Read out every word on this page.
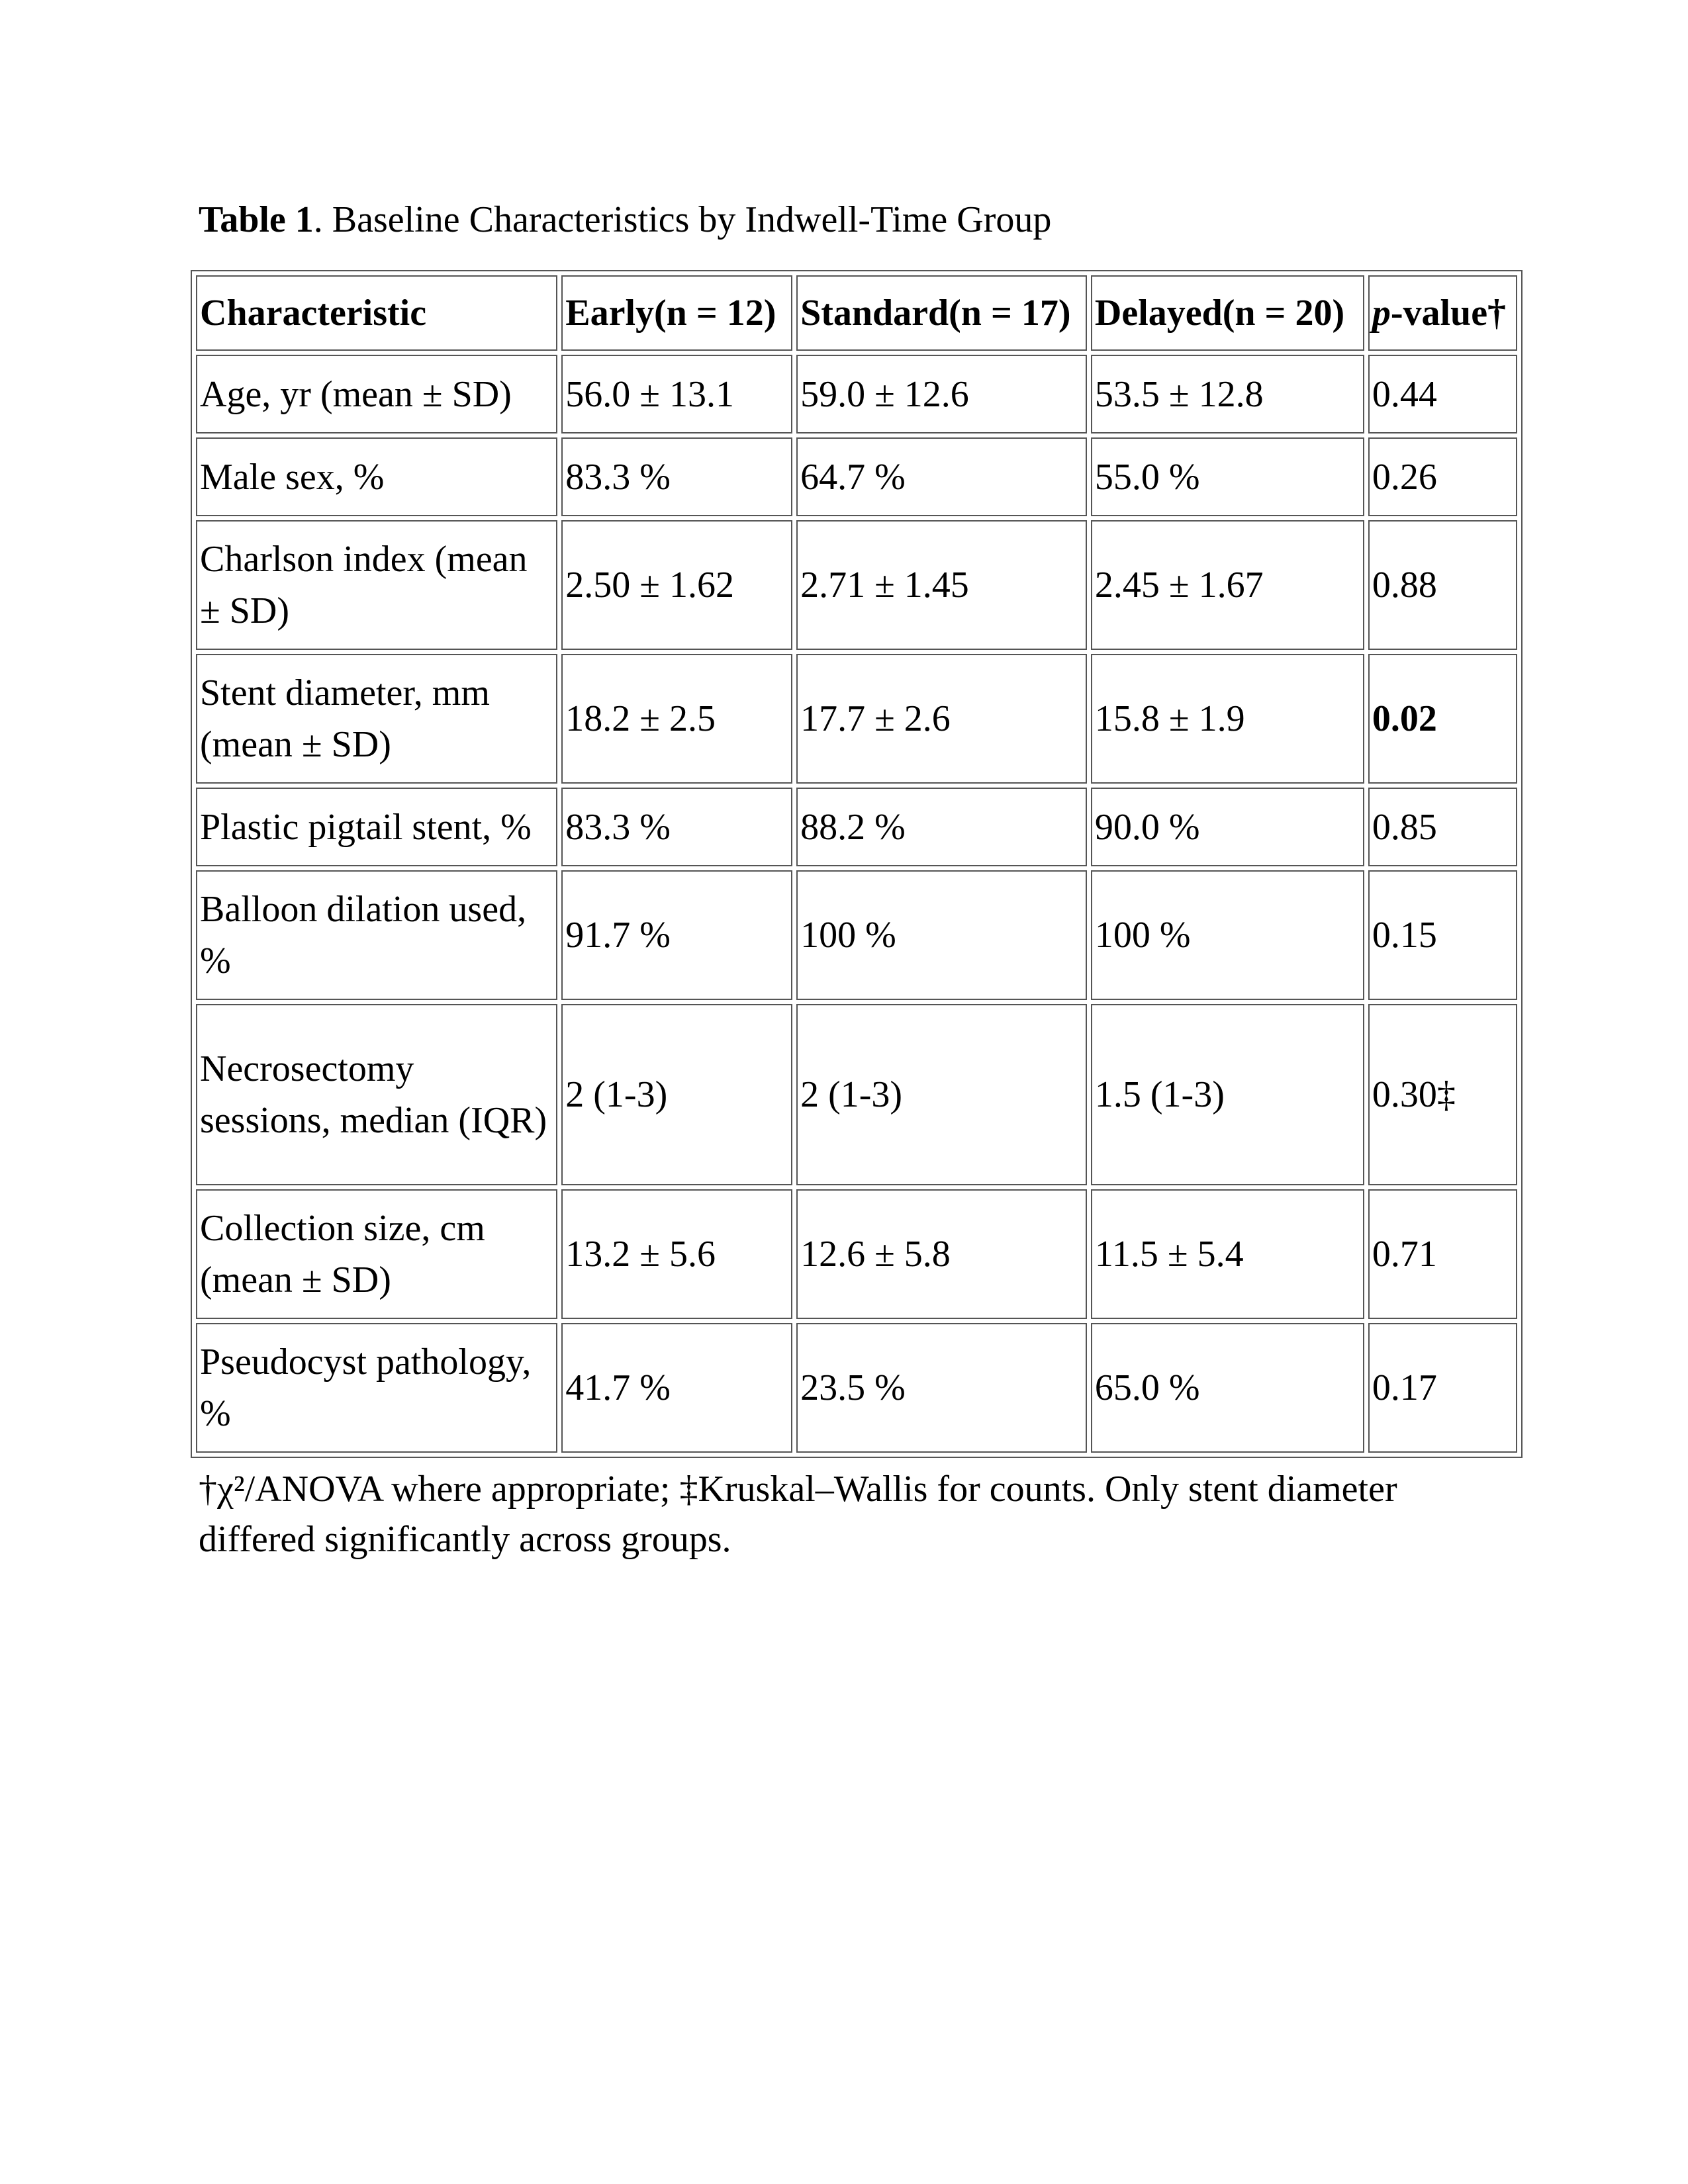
Table 1. Baseline Characteristics by Indwell-Time Group
Characteristic	Early(n = 12)	Standard(n = 17)	Delayed(n = 20)	p-value†
Age, yr (mean ± SD)	56.0 ± 13.1	59.0 ± 12.6	53.5 ± 12.8	0.44
Male sex, %	83.3 %	64.7 %	55.0 %	0.26
Charlson index (mean ± SD)	2.50 ± 1.62	2.71 ± 1.45	2.45 ± 1.67	0.88
Stent diameter, mm (mean ± SD)	18.2 ± 2.5	17.7 ± 2.6	15.8 ± 1.9	0.02
Plastic pigtail stent, %	83.3 %	88.2 %	90.0 %	0.85
Balloon dilation used, %	91.7 %	100 %	100 %	0.15
Necrosectomy sessions, median (IQR)	2 (1-3)	2 (1-3)	1.5 (1-3)	0.30‡
Collection size, cm (mean ± SD)	13.2 ± 5.6	12.6 ± 5.8	11.5 ± 5.4	0.71
Pseudocyst pathology, %	41.7 %	23.5 %	65.0 %	0.17
†χ²/ANOVA where appropriate; ‡Kruskal–Wallis for counts. Only stent diameter differed significantly across groups.
